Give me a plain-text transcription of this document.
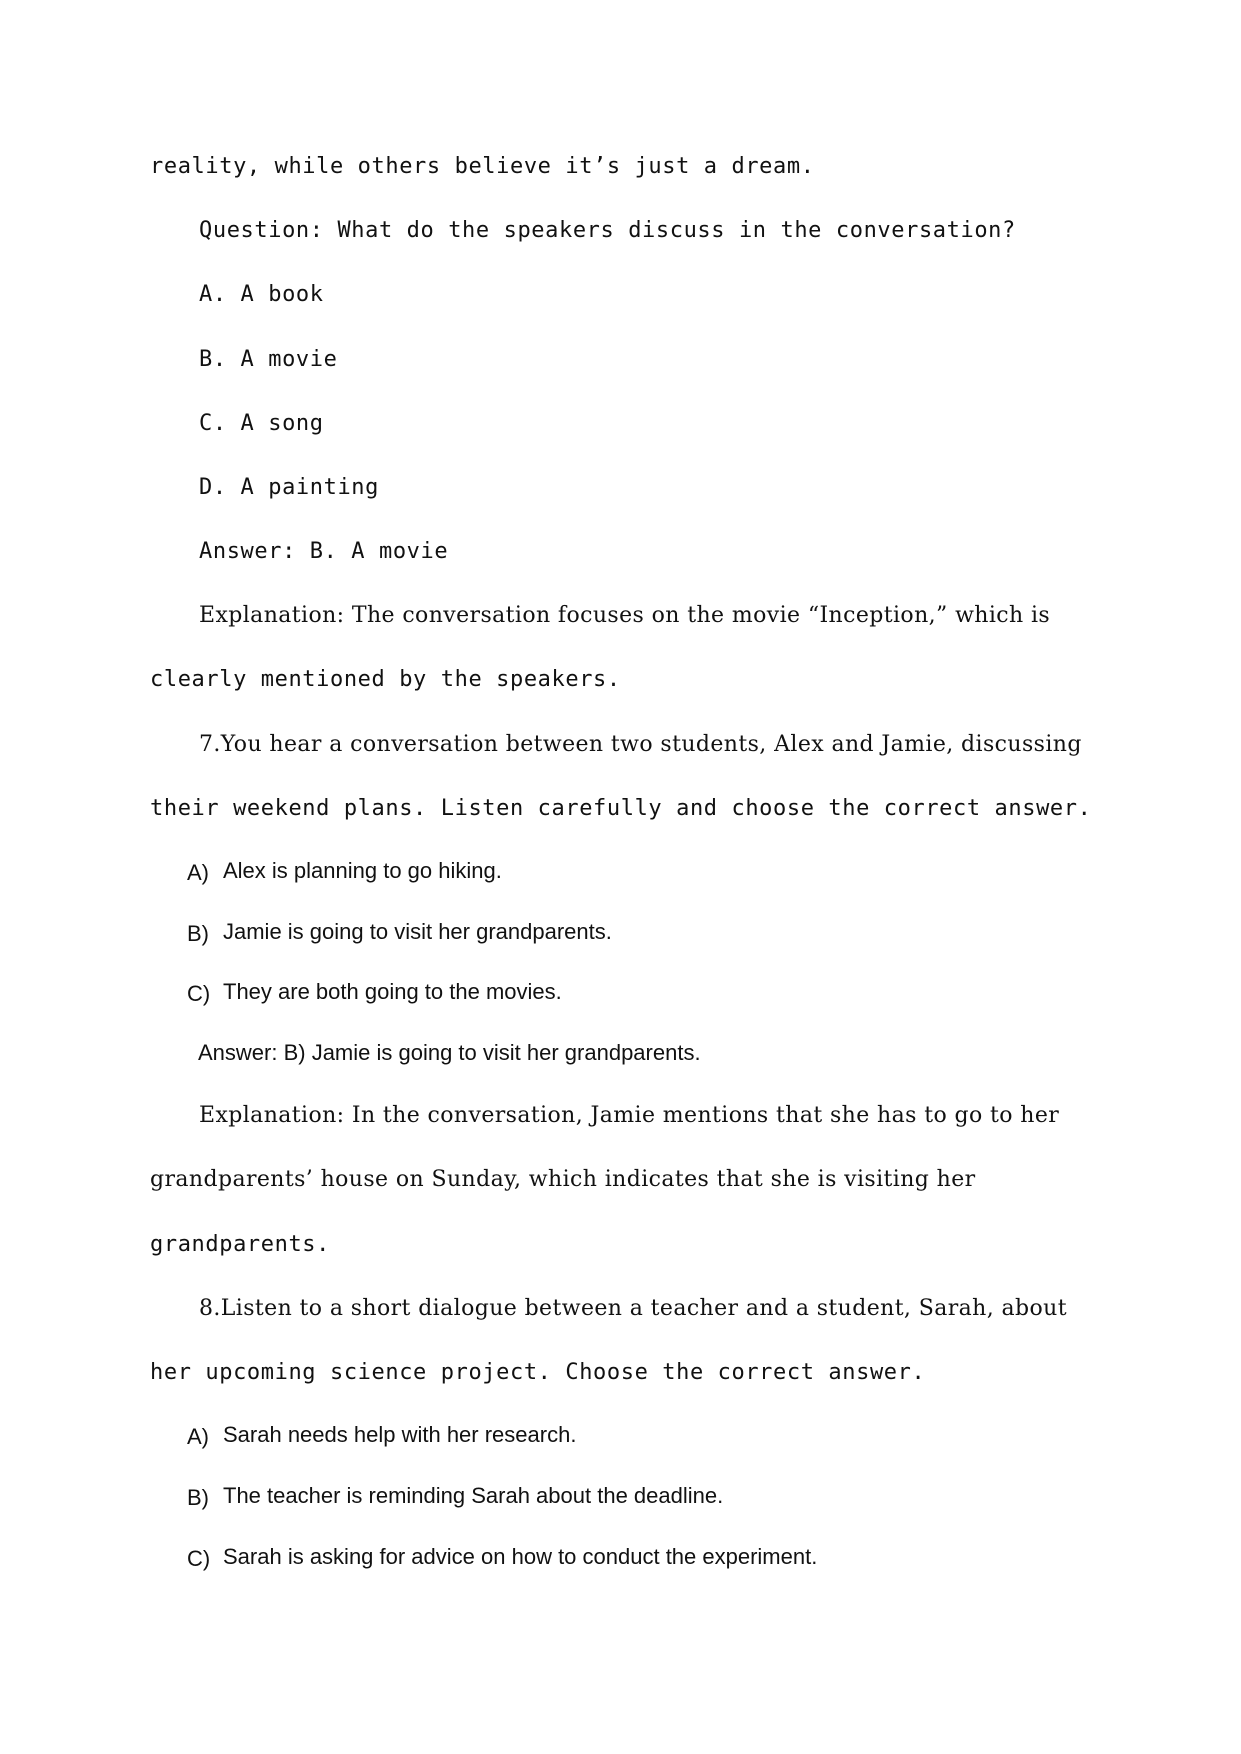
reality, while others believe it’s just a dream.
Question: What do the speakers discuss in the conversation?
A. A book
B. A movie
C. A song
D. A painting
Answer: B. A movie
Explanation: The conversation focuses on the movie “Inception,” which is
clearly mentioned by the speakers.
7.You hear a conversation between two students, Alex and Jamie, discussing
their weekend plans. Listen carefully and choose the correct answer.
A) Alex is planning to go hiking.
B) Jamie is going to visit her grandparents.
C) They are both going to the movies.
Answer: B) Jamie is going to visit her grandparents.
Explanation: In the conversation, Jamie mentions that she has to go to her
grandparents’ house on Sunday, which indicates that she is visiting her
grandparents.
8.Listen to a short dialogue between a teacher and a student, Sarah, about
her upcoming science project. Choose the correct answer.
A) Sarah needs help with her research.
B) The teacher is reminding Sarah about the deadline.
C) Sarah is asking for advice on how to conduct the experiment.
